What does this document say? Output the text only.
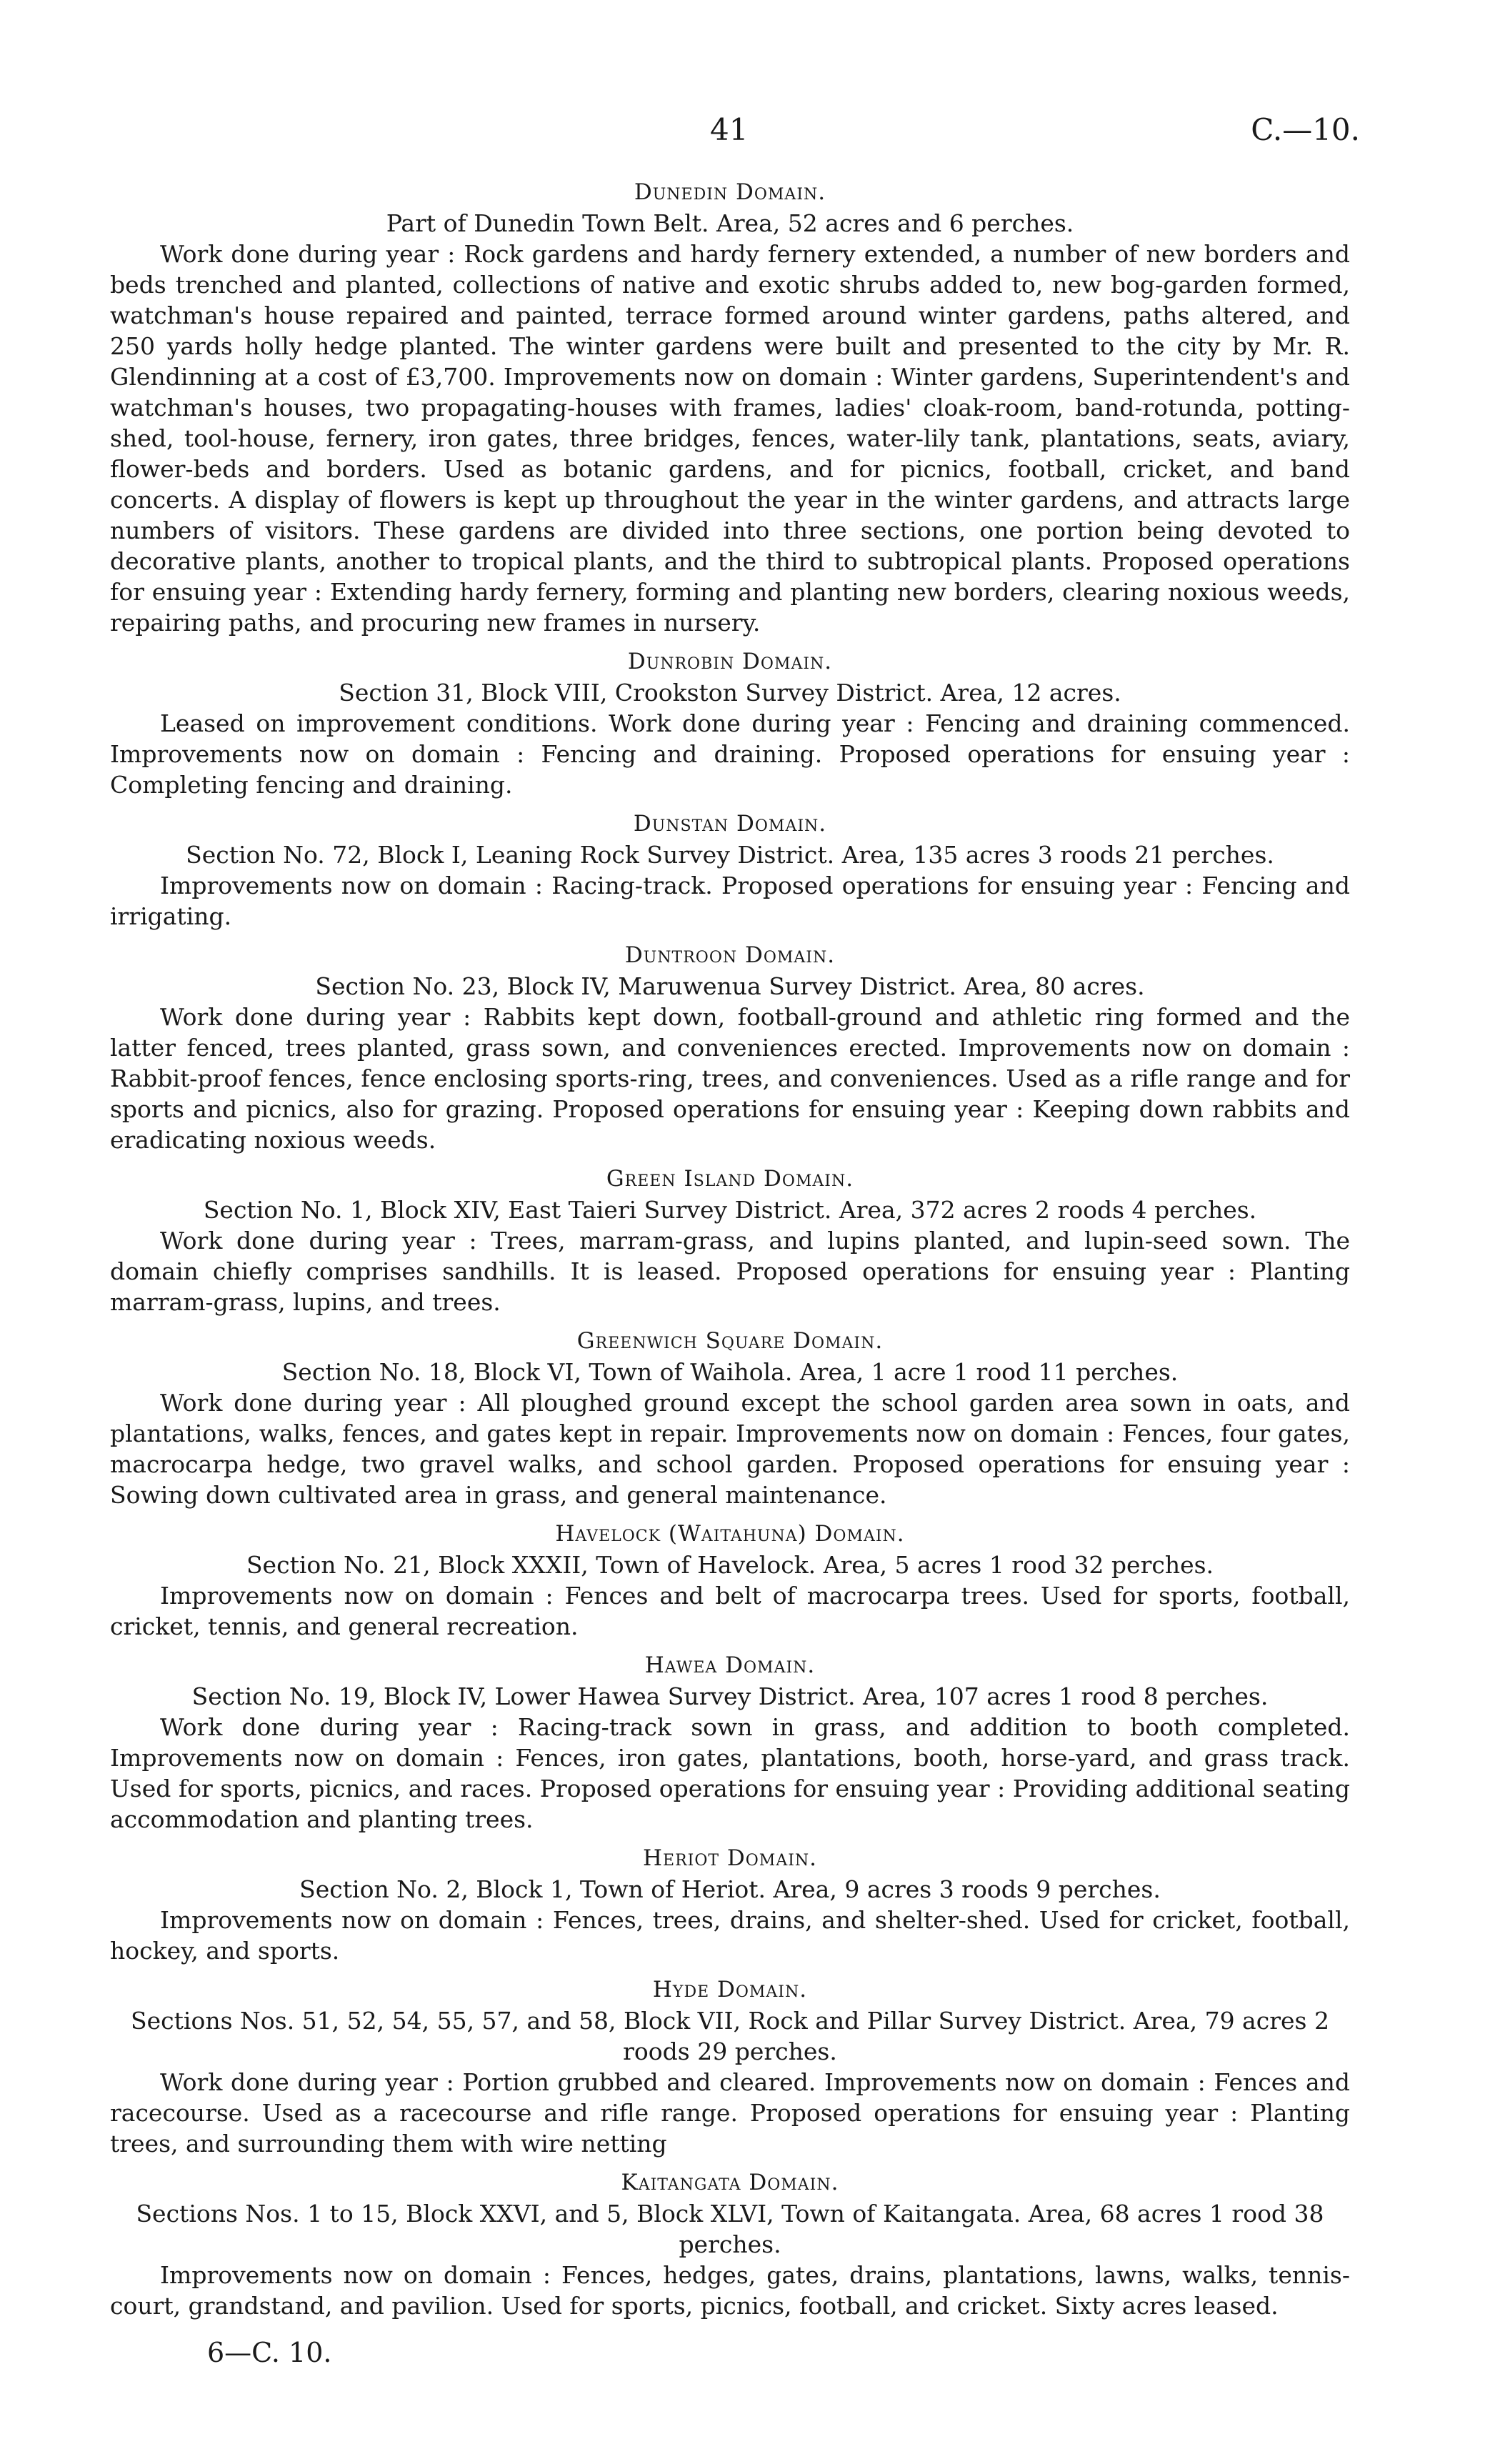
41	C.—10.
Dunedin Domain.
Part of Dunedin Town Belt. Area, 52 acres and 6 perches.
Work done during year : Rock gardens and hardy fernery extended, a number of new borders and beds trenched and planted, collections of native and exotic shrubs added to, new bog-garden formed, watchman's house repaired and painted, terrace formed around winter gardens, paths altered, and 250 yards holly hedge planted. The winter gardens were built and presented to the city by Mr. R. Glendinning at a cost of £3,700. Improvements now on domain : Winter gardens, Superintendent's and watchman's houses, two propagating-houses with frames, ladies' cloak-room, band-rotunda, potting-shed, tool-house, fernery, iron gates, three bridges, fences, water-lily tank, plantations, seats, aviary, flower-beds and borders. Used as botanic gardens, and for picnics, football, cricket, and band concerts. A display of flowers is kept up throughout the year in the winter gardens, and attracts large numbers of visitors. These gardens are divided into three sections, one portion being devoted to decorative plants, another to tropical plants, and the third to subtropical plants. Proposed operations for ensuing year : Extending hardy fernery, forming and planting new borders, clearing noxious weeds, repairing paths, and procuring new frames in nursery.
Dunrobin Domain.
Section 31, Block VIII, Crookston Survey District. Area, 12 acres.
Leased on improvement conditions. Work done during year : Fencing and draining commenced. Improvements now on domain : Fencing and draining. Proposed operations for ensuing year : Completing fencing and draining.
Dunstan Domain.
Section No. 72, Block I, Leaning Rock Survey District. Area, 135 acres 3 roods 21 perches.
Improvements now on domain : Racing-track. Proposed operations for ensuing year : Fencing and irrigating.
Duntroon Domain.
Section No. 23, Block IV, Maruwenua Survey District. Area, 80 acres.
Work done during year : Rabbits kept down, football-ground and athletic ring formed and the latter fenced, trees planted, grass sown, and conveniences erected. Improvements now on domain : Rabbit-proof fences, fence enclosing sports-ring, trees, and conveniences. Used as a rifle range and for sports and picnics, also for grazing. Proposed operations for ensuing year : Keeping down rabbits and eradicating noxious weeds.
Green Island Domain.
Section No. 1, Block XIV, East Taieri Survey District. Area, 372 acres 2 roods 4 perches.
Work done during year : Trees, marram-grass, and lupins planted, and lupin-seed sown. The domain chiefly comprises sandhills. It is leased. Proposed operations for ensuing year : Planting marram-grass, lupins, and trees.
Greenwich Square Domain.
Section No. 18, Block VI, Town of Waihola. Area, 1 acre 1 rood 11 perches.
Work done during year : All ploughed ground except the school garden area sown in oats, and plantations, walks, fences, and gates kept in repair. Improvements now on domain : Fences, four gates, macrocarpa hedge, two gravel walks, and school garden. Proposed operations for ensuing year : Sowing down cultivated area in grass, and general maintenance.
Havelock (Waitahuna) Domain.
Section No. 21, Block XXXII, Town of Havelock. Area, 5 acres 1 rood 32 perches.
Improvements now on domain : Fences and belt of macrocarpa trees. Used for sports, football, cricket, tennis, and general recreation.
Hawea Domain.
Section No. 19, Block IV, Lower Hawea Survey District. Area, 107 acres 1 rood 8 perches.
Work done during year : Racing-track sown in grass, and addition to booth completed. Improvements now on domain : Fences, iron gates, plantations, booth, horse-yard, and grass track. Used for sports, picnics, and races. Proposed operations for ensuing year : Providing additional seating accommodation and planting trees.
Heriot Domain.
Section No. 2, Block 1, Town of Heriot. Area, 9 acres 3 roods 9 perches.
Improvements now on domain : Fences, trees, drains, and shelter-shed. Used for cricket, football, hockey, and sports.
Hyde Domain.
Sections Nos. 51, 52, 54, 55, 57, and 58, Block VII, Rock and Pillar Survey District. Area, 79 acres 2 roods 29 perches.
Work done during year : Portion grubbed and cleared. Improvements now on domain : Fences and racecourse. Used as a racecourse and rifle range. Proposed operations for ensuing year : Planting trees, and surrounding them with wire netting
Kaitangata Domain.
Sections Nos. 1 to 15, Block XXVI, and 5, Block XLVI, Town of Kaitangata. Area, 68 acres 1 rood 38 perches.
Improvements now on domain : Fences, hedges, gates, drains, plantations, lawns, walks, tennis-court, grandstand, and pavilion. Used for sports, picnics, football, and cricket. Sixty acres leased.
6—C. 10.
